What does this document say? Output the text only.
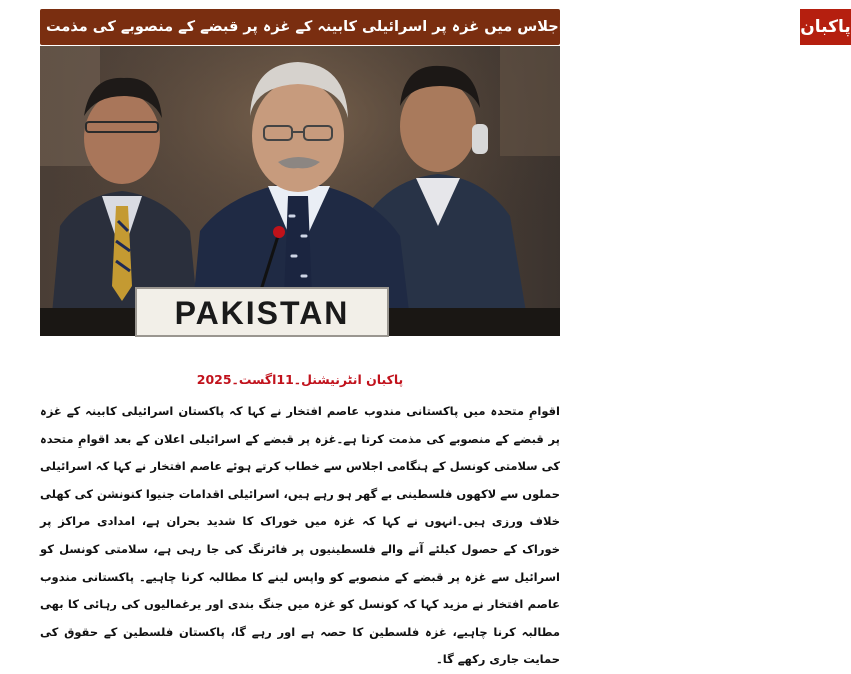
پاکستان کی سلامتی کونسل کے اجلاس میں غزہ پر اسرائیلی کابینہ کے غزہ پر قبضے کے منصوبے کی مذمت پاکبان
PAKISTAN
پاکبان انٹرنیشنل۔11اگست۔2025

اقوامِ متحدہ میں پاکستانی مندوب عاصم افتخار نے کہا کہ پاکستان اسرائیلی کابینہ کے غزہ پر قبضے کے منصوبے کی مذمت کرتا ہے۔غزہ پر قبضے کے اسرائیلی اعلان کے بعد اقوامِ متحدہ کی سلامتی کونسل کے ہنگامی اجلاس سے خطاب کرتے ہوئے عاصم افتخار نے کہا کہ اسرائیلی حملوں سے لاکھوں فلسطینی بے گھر ہو رہے ہیں، اسرائیلی اقدامات جنیوا کنونشن کی کھلی خلاف ورزی ہیں۔انہوں نے کہا کہ غزہ میں خوراک کا شدید بحران ہے، امدادی مراکز پر خوراک کے حصول کیلئے آنے والے فلسطینیوں پر فائرنگ کی جا رہی ہے، سلامتی کونسل کو اسرائیل سے غزہ پر قبضے کے منصوبے کو واپس لینے کا مطالبہ کرنا چاہیے۔ پاکستانی مندوب عاصم افتخار نے مزید کہا کہ کونسل کو غزہ میں جنگ بندی اور یرغمالیوں کی رہائی کا بھی مطالبہ کرنا چاہیے، غزہ فلسطین کا حصہ ہے اور رہے گا، پاکستان فلسطین کے حقوق کی حمایت جاری رکھے گا۔
